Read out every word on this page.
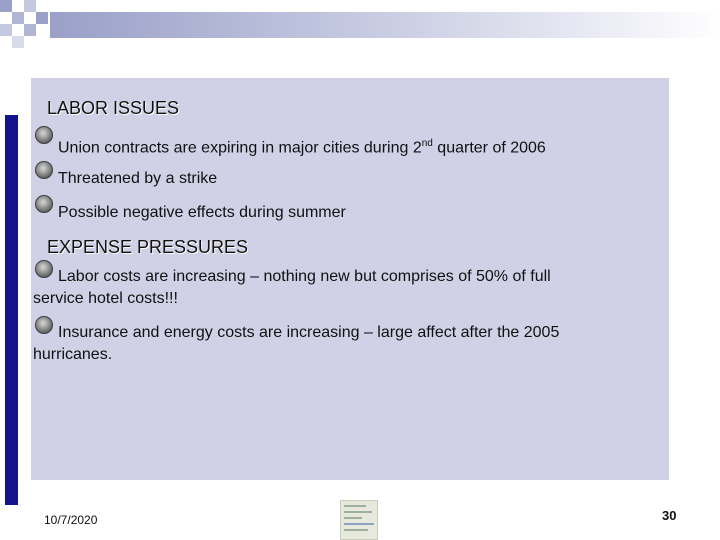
LABOR ISSUES
Union contracts are expiring in major cities during 2nd quarter of 2006
Threatened by a strike
Possible negative effects during summer
EXPENSE PRESSURES
Labor costs are increasing – nothing new but comprises of 50% of full
service hotel costs!!!
Insurance and energy costs are increasing – large affect after the 2005
hurricanes.
10/7/2020	30
